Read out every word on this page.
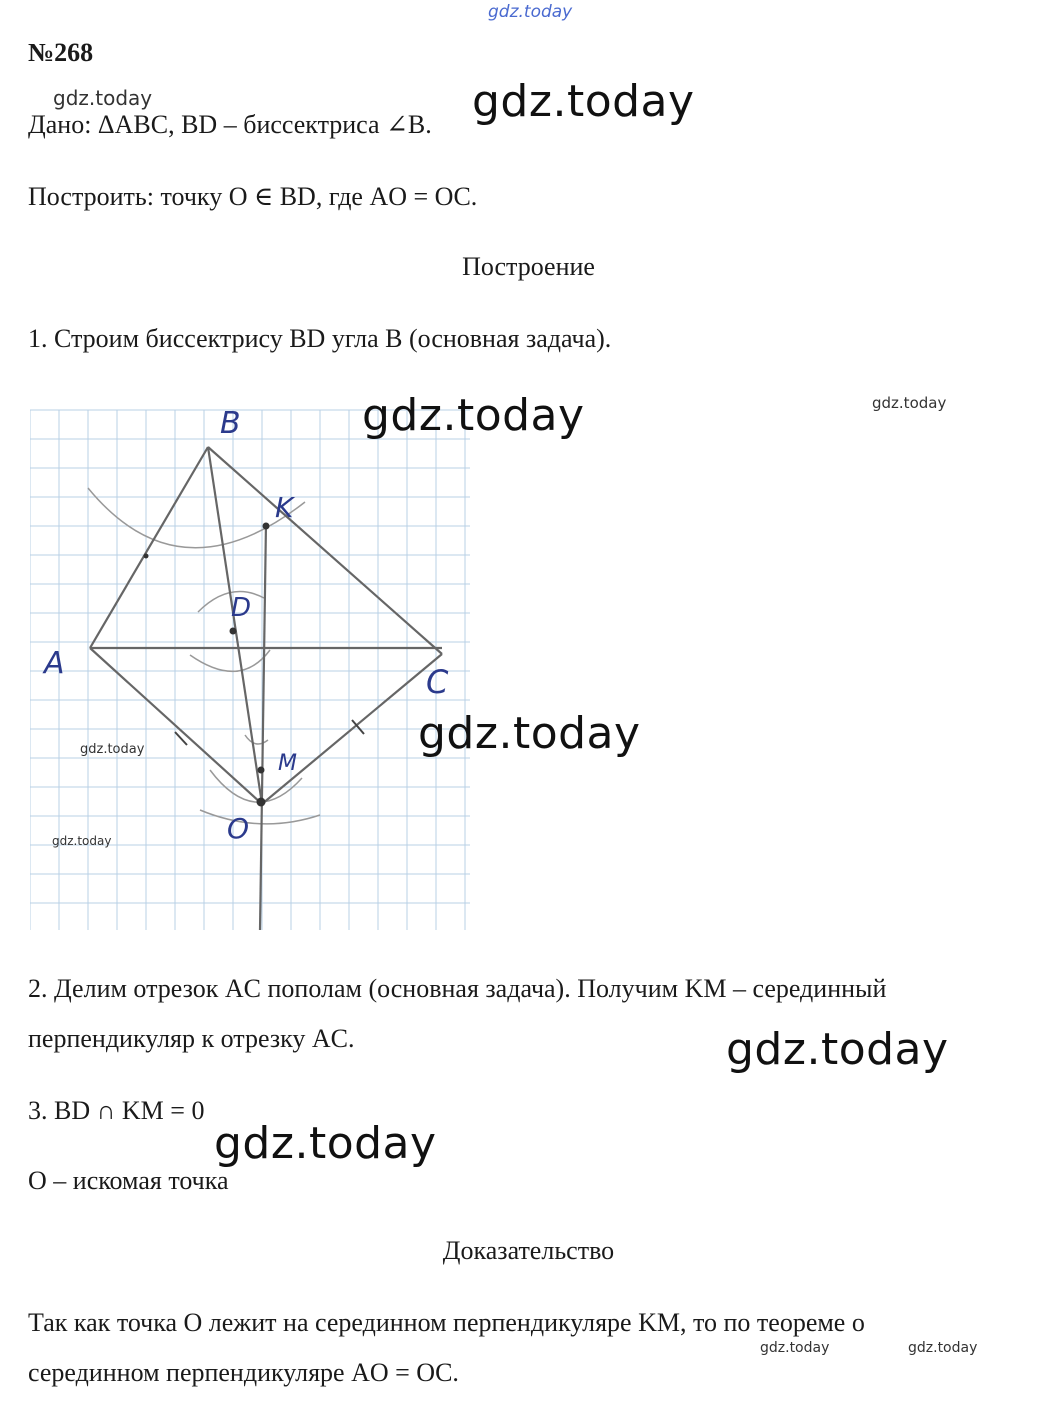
gdz.today
№268
gdz.today	gdz.today
Дано: ΔABC, BD – биссектриса ∠B.
Построить: точку O ∈ BD, где AO = OC.
Построение
1. Строим биссектрису BD угла B (основная задача).
gdz.today
B
K
D
A	C
M
O
gdz.today
gdz.today
gdz.today
gdz.today
2. Делим отрезок AC пополам (основная задача). Получим KM – серединный
перпендикуляр к отрезку AC.	gdz.today
3. BD ∩ KM = 0
gdz.today
O – искомая точка
Доказательство
Так как точка O лежит на серединном перпендикуляре KM, то по теореме о
gdz.today	gdz.today
серединном перпендикуляре AO = OC.
